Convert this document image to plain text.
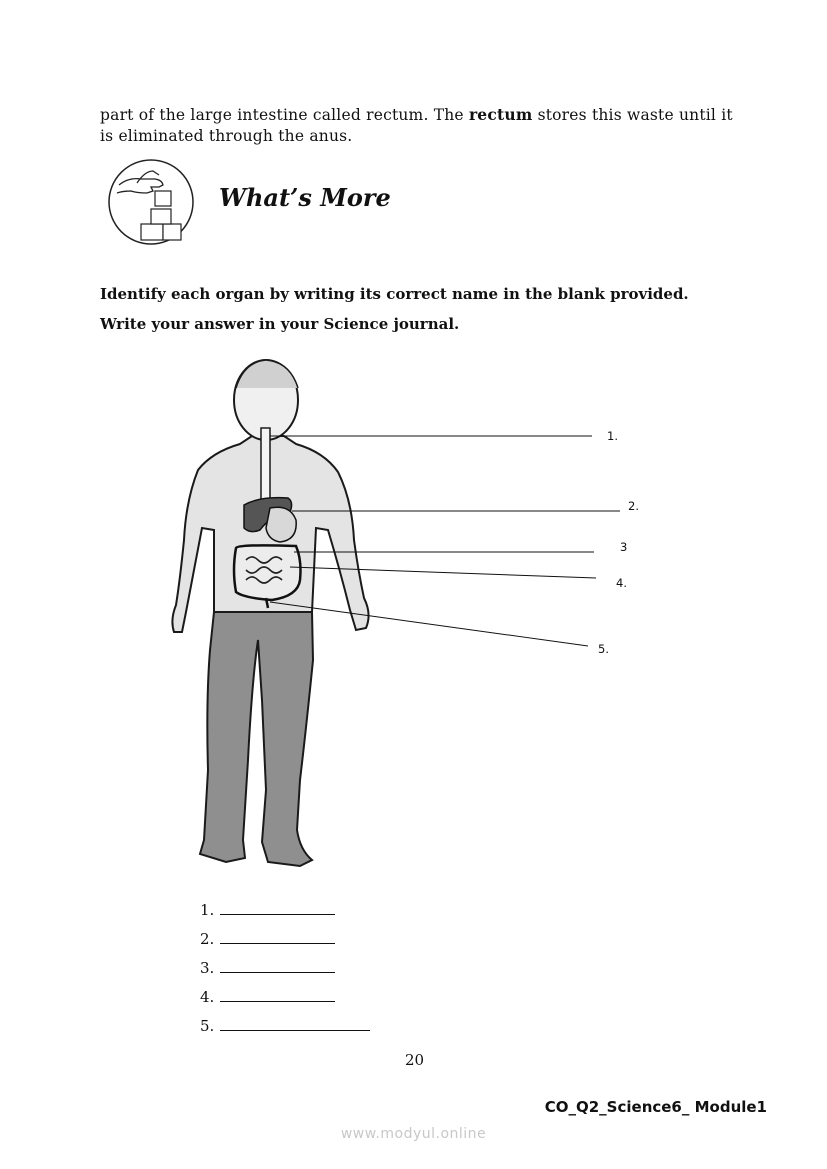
part of the large intestine called rectum. The rectum stores this waste until it is eliminated through the anus.
What’s More
Identify each organ by writing its correct name in the blank provided. Write your answer in your Science journal.
1.
2.
3
4.
5.
1.
2.
3.
4.
5.
20
CO_Q2_Science6_ Module1
www.modyul.online
